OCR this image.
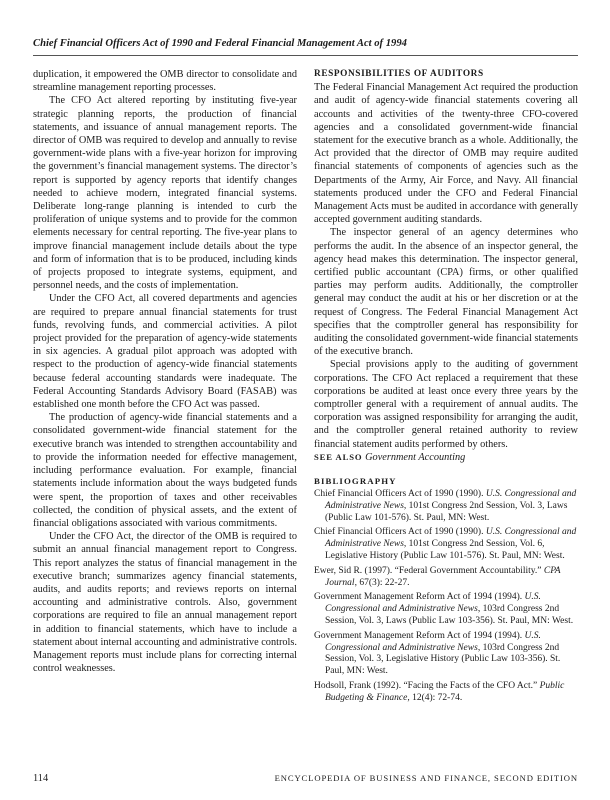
Chief Financial Officers Act of 1990 and Federal Financial Management Act of 1994

duplication, it empowered the OMB director to consolidate and streamline management reporting processes.

The CFO Act altered reporting by instituting five-year strategic planning reports, the production of financial statements, and issuance of annual management reports. The director of OMB was required to develop and annually to revise government-wide plans with a five-year horizon for improving the government’s financial management systems. The director’s report is supported by agency reports that identify changes needed to achieve modern, integrated financial systems. Deliberate long-range planning is intended to curb the proliferation of unique systems and to provide for the common elements necessary for central reporting. The five-year plans to improve financial management include details about the type and form of information that is to be produced, including kinds of projects proposed to integrate systems, equipment, and personnel needs, and the costs of implementation.

Under the CFO Act, all covered departments and agencies are required to prepare annual financial statements for trust funds, revolving funds, and commercial activities. A pilot project provided for the preparation of agency-wide statements in six agencies. A gradual pilot approach was adopted with respect to the production of agency-wide financial statements because federal accounting standards were inadequate. The Federal Accounting Standards Advisory Board (FASAB) was established one month before the CFO Act was passed.

The production of agency-wide financial statements and a consolidated government-wide financial statement for the executive branch was intended to strengthen accountability and to provide the information needed for effective management, including performance evaluation. For example, financial statements include information about the ways budgeted funds were spent, the proportion of taxes and other receivables collected, the condition of physical assets, and the extent of financial obligations associated with various commitments.

Under the CFO Act, the director of the OMB is required to submit an annual financial management report to Congress. This report analyzes the status of financial management in the executive branch; summarizes agency financial statements, audits, and audits reports; and reviews reports on internal accounting and administrative controls. Also, government corporations are required to file an annual management report in addition to financial statements, which have to include a statement about internal accounting and administrative controls. Management reports must include plans for correcting internal control weaknesses.

RESPONSIBILITIES OF AUDITORS

The Federal Financial Management Act required the production and audit of agency-wide financial statements covering all accounts and activities of the twenty-three CFO-covered agencies and a consolidated government-wide financial statement for the executive branch as a whole. Additionally, the Act provided that the director of OMB may require audited financial statements of components of agencies such as the Departments of the Army, Air Force, and Navy. All financial statements produced under the CFO and Federal Financial Management Acts must be audited in accordance with generally accepted government auditing standards.

The inspector general of an agency determines who performs the audit. In the absence of an inspector general, the agency head makes this determination. The inspector general, certified public accountant (CPA) firms, or other qualified parties may perform audits. Additionally, the comptroller general may conduct the audit at his or her discretion or at the request of Congress. The Federal Financial Management Act specifies that the comptroller general has responsibility for auditing the consolidated government-wide financial statements of the executive branch.

Special provisions apply to the auditing of government corporations. The CFO Act replaced a requirement that these corporations be audited at least once every three years by the comptroller general with a requirement of annual audits. The corporation was assigned responsibility for arranging the audit, and the comptroller general retained authority to review financial statement audits performed by others.

SEE ALSO Government Accounting

BIBLIOGRAPHY
Chief Financial Officers Act of 1990 (1990). U.S. Congressional and Administrative News, 101st Congress 2nd Session, Vol. 3, Laws (Public Law 101-576). St. Paul, MN: West.
Chief Financial Officers Act of 1990 (1990). U.S. Congressional and Administrative News, 101st Congress 2nd Session, Vol. 6, Legislative History (Public Law 101-576). St. Paul, MN: West.
Ewer, Sid R. (1997). “Federal Government Accountability.” CPA Journal, 67(3): 22-27.
Government Management Reform Act of 1994 (1994). U.S. Congressional and Administrative News, 103rd Congress 2nd Session, Vol. 3, Laws (Public Law 103-356). St. Paul, MN: West.
Government Management Reform Act of 1994 (1994). U.S. Congressional and Administrative News, 103rd Congress 2nd Session, Vol. 3, Legislative History (Public Law 103-356). St. Paul, MN: West.
Hodsoll, Frank (1992). “Facing the Facts of the CFO Act.” Public Budgeting & Finance, 12(4): 72-74.
114	ENCYCLOPEDIA OF BUSINESS AND FINANCE, SECOND EDITION
